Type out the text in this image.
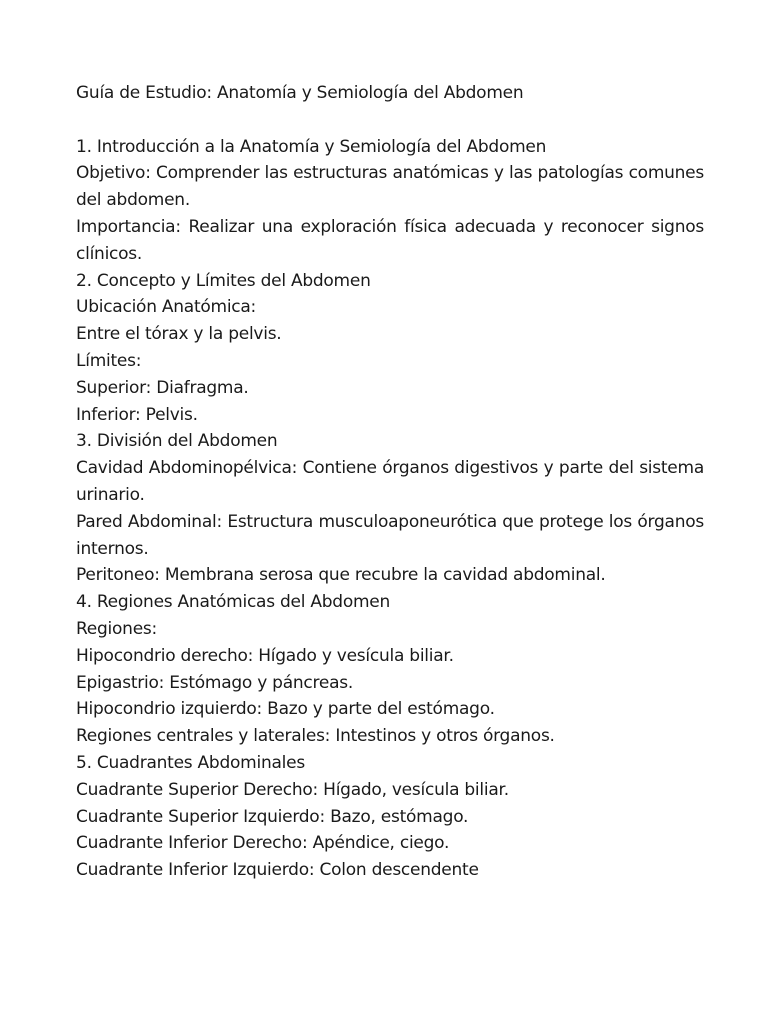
Guía de Estudio: Anatomía y Semiología del Abdomen

1. Introducción a la Anatomía y Semiología del Abdomen

Objetivo: Comprender las estructuras anatómicas y las patologías comunes del abdomen.

Importancia: Realizar una exploración física adecuada y reconocer signos clínicos.

2. Concepto y Límites del Abdomen

Ubicación Anatómica:

Entre el tórax y la pelvis.

Límites:

Superior: Diafragma.

Inferior: Pelvis.

3. División del Abdomen

Cavidad Abdominopélvica: Contiene órganos digestivos y parte del sistema urinario.

Pared Abdominal: Estructura musculoaponeurótica que protege los órganos internos.

Peritoneo: Membrana serosa que recubre la cavidad abdominal.

4. Regiones Anatómicas del Abdomen

Regiones:

Hipocondrio derecho: Hígado y vesícula biliar.

Epigastrio: Estómago y páncreas.

Hipocondrio izquierdo: Bazo y parte del estómago.

Regiones centrales y laterales: Intestinos y otros órganos.

5. Cuadrantes Abdominales

Cuadrante Superior Derecho: Hígado, vesícula biliar.

Cuadrante Superior Izquierdo: Bazo, estómago.

Cuadrante Inferior Derecho: Apéndice, ciego.

Cuadrante Inferior Izquierdo: Colon descendente
